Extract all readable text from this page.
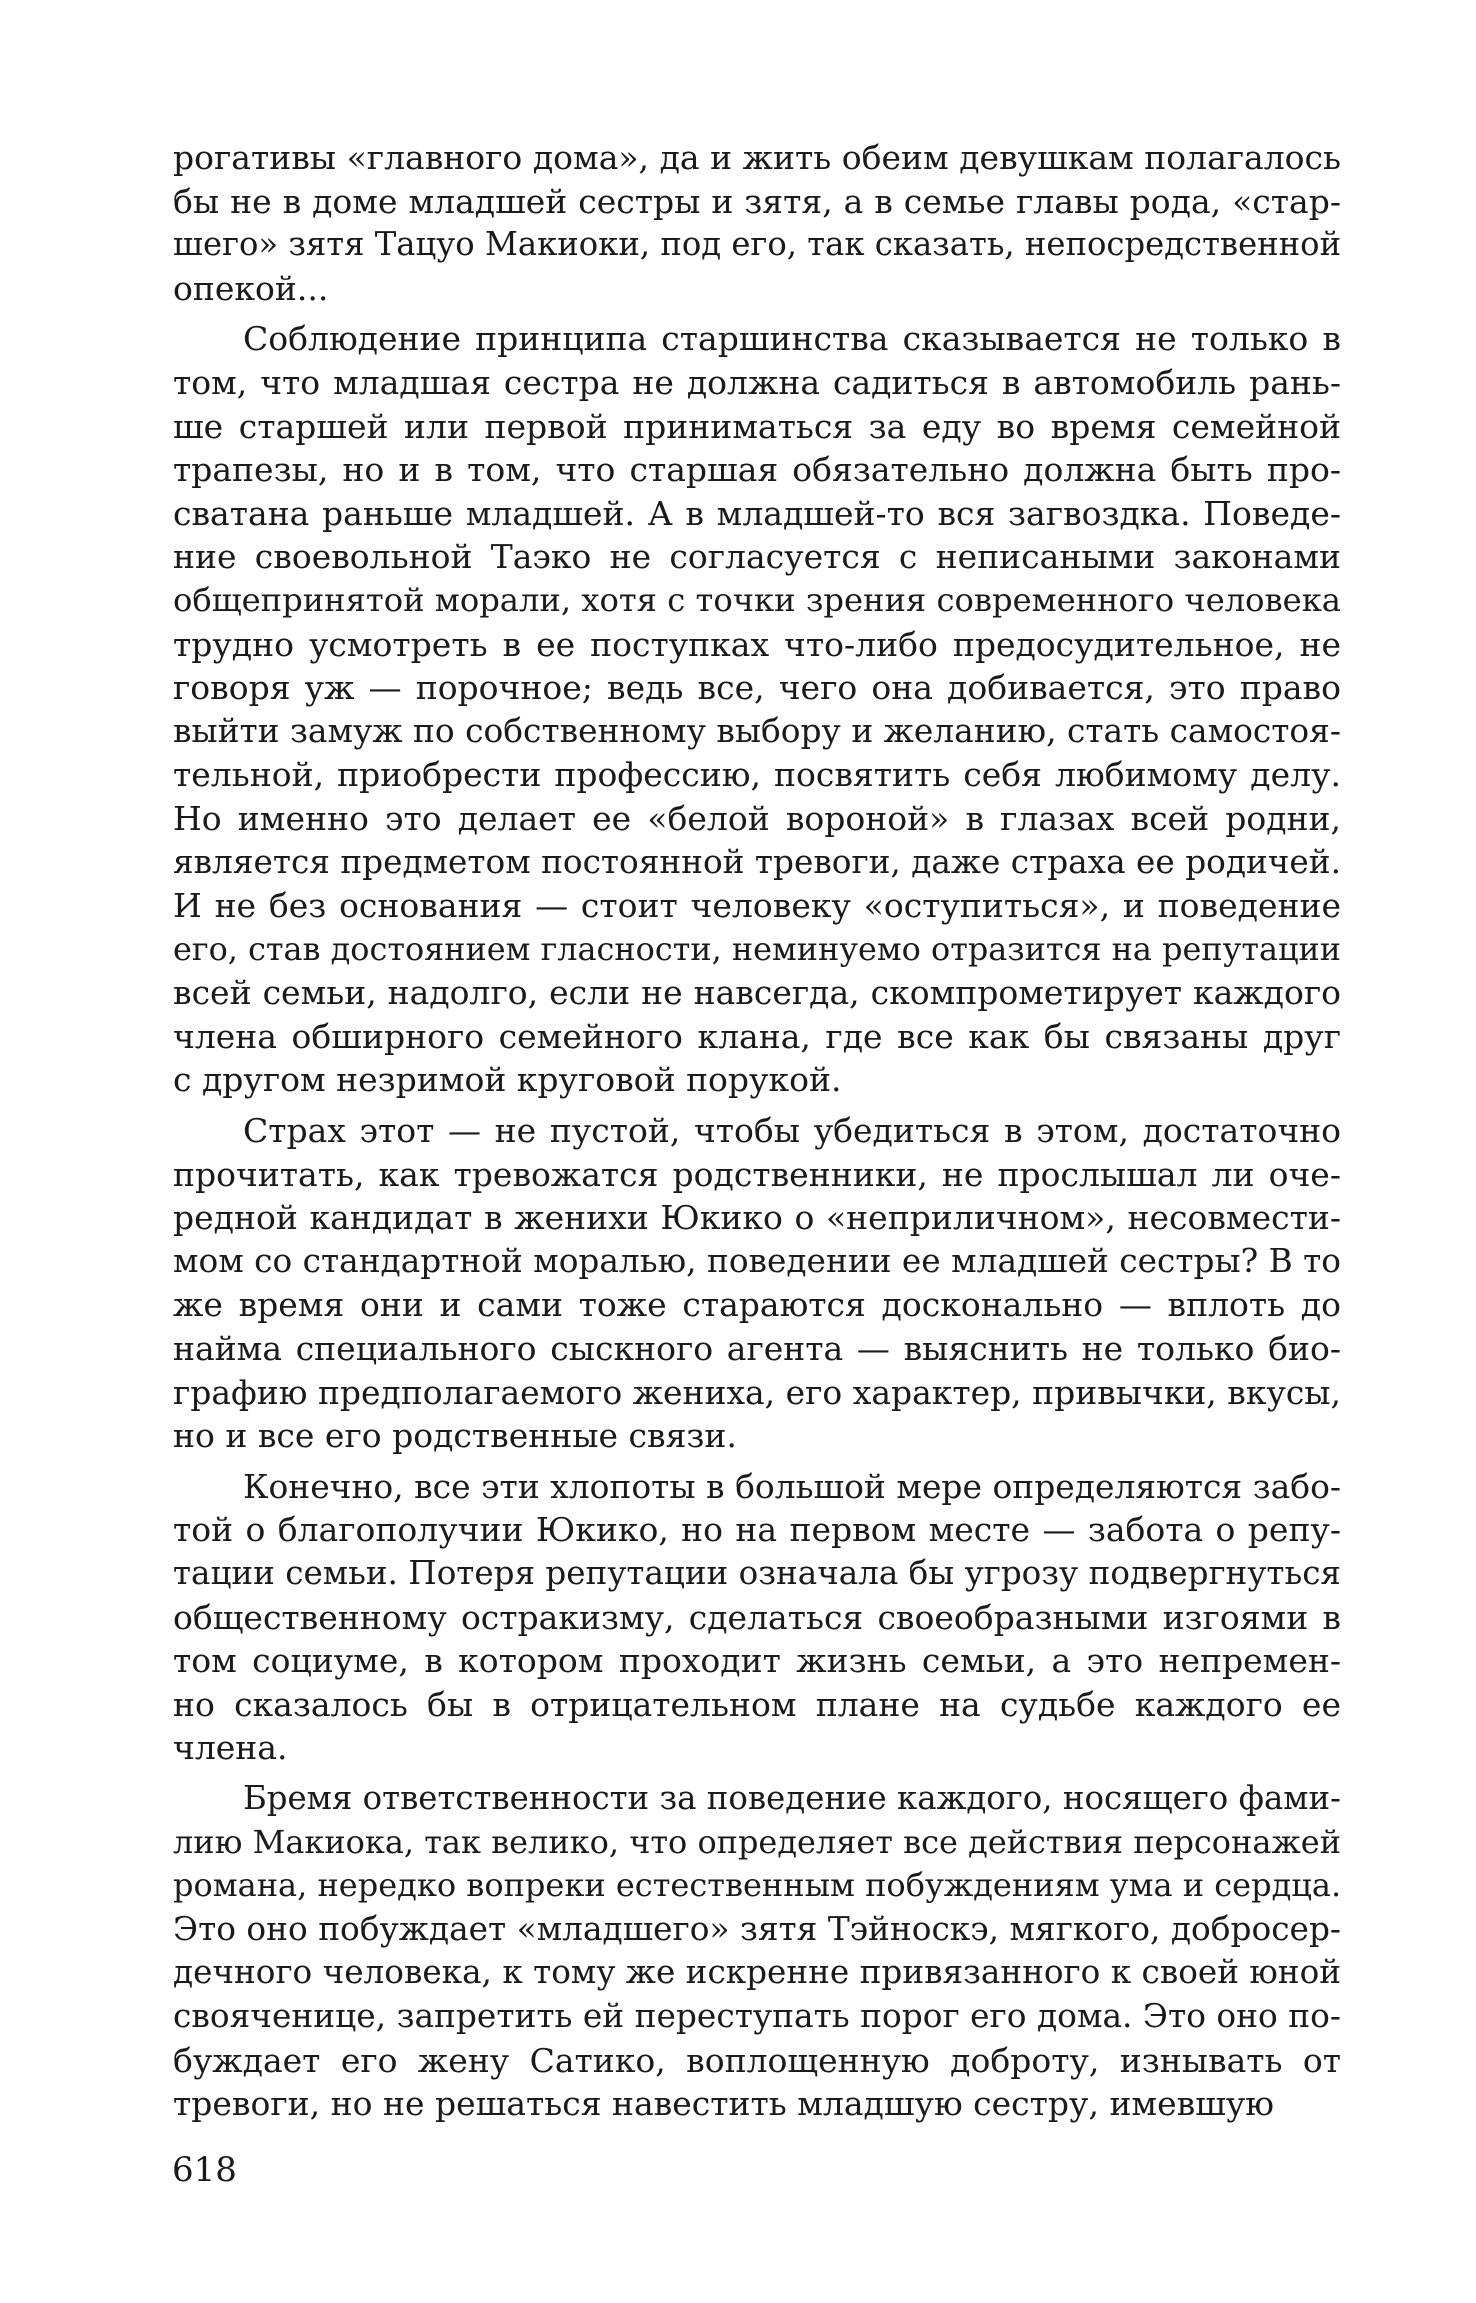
рогативы «главного дома», да и жить обеим девушкам полагалось
бы не в доме младшей сестры и зятя, а в семье главы рода, «стар-
шего» зятя Тацуо Макиоки, под его, так сказать, непосредственной
опекой...

Соблюдение принципа старшинства сказывается не только в
том, что младшая сестра не должна садиться в автомобиль рань-
ше старшей или первой приниматься за еду во время семейной
трапезы, но и в том, что старшая обязательно должна быть про-
сватана раньше младшей. А в младшей-то вся загвоздка. Поведе-
ние своевольной Таэко не согласуется с неписаными законами
общепринятой морали, хотя с точки зрения современного человека
трудно усмотреть в ее поступках что-либо предосудительное, не
говоря уж — порочное; ведь все, чего она добивается, это право
выйти замуж по собственному выбору и желанию, стать самостоя-
тельной, приобрести профессию, посвятить себя любимому делу.
Но именно это делает ее «белой вороной» в глазах всей родни,
является предметом постоянной тревоги, даже страха ее родичей.
И не без основания — стоит человеку «оступиться», и поведение
его, став достоянием гласности, неминуемо отразится на репутации
всей семьи, надолго, если не навсегда, скомпрометирует каждого
члена обширного семейного клана, где все как бы связаны друг
с другом незримой круговой порукой.

Страх этот — не пустой, чтобы убедиться в этом, достаточно
прочитать, как тревожатся родственники, не прослышал ли оче-
редной кандидат в женихи Юкико о «неприличном», несовмести-
мом со стандартной моралью, поведении ее младшей сестры? В то
же время они и сами тоже стараются досконально — вплоть до
найма специального сыскного агента — выяснить не только био-
графию предполагаемого жениха, его характер, привычки, вкусы,
но и все его родственные связи.

Конечно, все эти хлопоты в большой мере определяются забо-
той о благополучии Юкико, но на первом месте — забота о репу-
тации семьи. Потеря репутации означала бы угрозу подвергнуться
общественному остракизму, сделаться своеобразными изгоями в
том социуме, в котором проходит жизнь семьи, а это непремен-
но сказалось бы в отрицательном плане на судьбе каждого ее
члена.

Бремя ответственности за поведение каждого, носящего фами-
лию Макиока, так велико, что определяет все действия персонажей
романа, нередко вопреки естественным побуждениям ума и сердца.
Это оно побуждает «младшего» зятя Тэйноскэ, мягкого, добросер-
дечного человека, к тому же искренне привязанного к своей юной
свояченице, запретить ей переступать порог его дома. Это оно по-
буждает его жену Сатико, воплощенную доброту, изнывать от
тревоги, но не решаться навестить младшую сестру, имевшую

618
